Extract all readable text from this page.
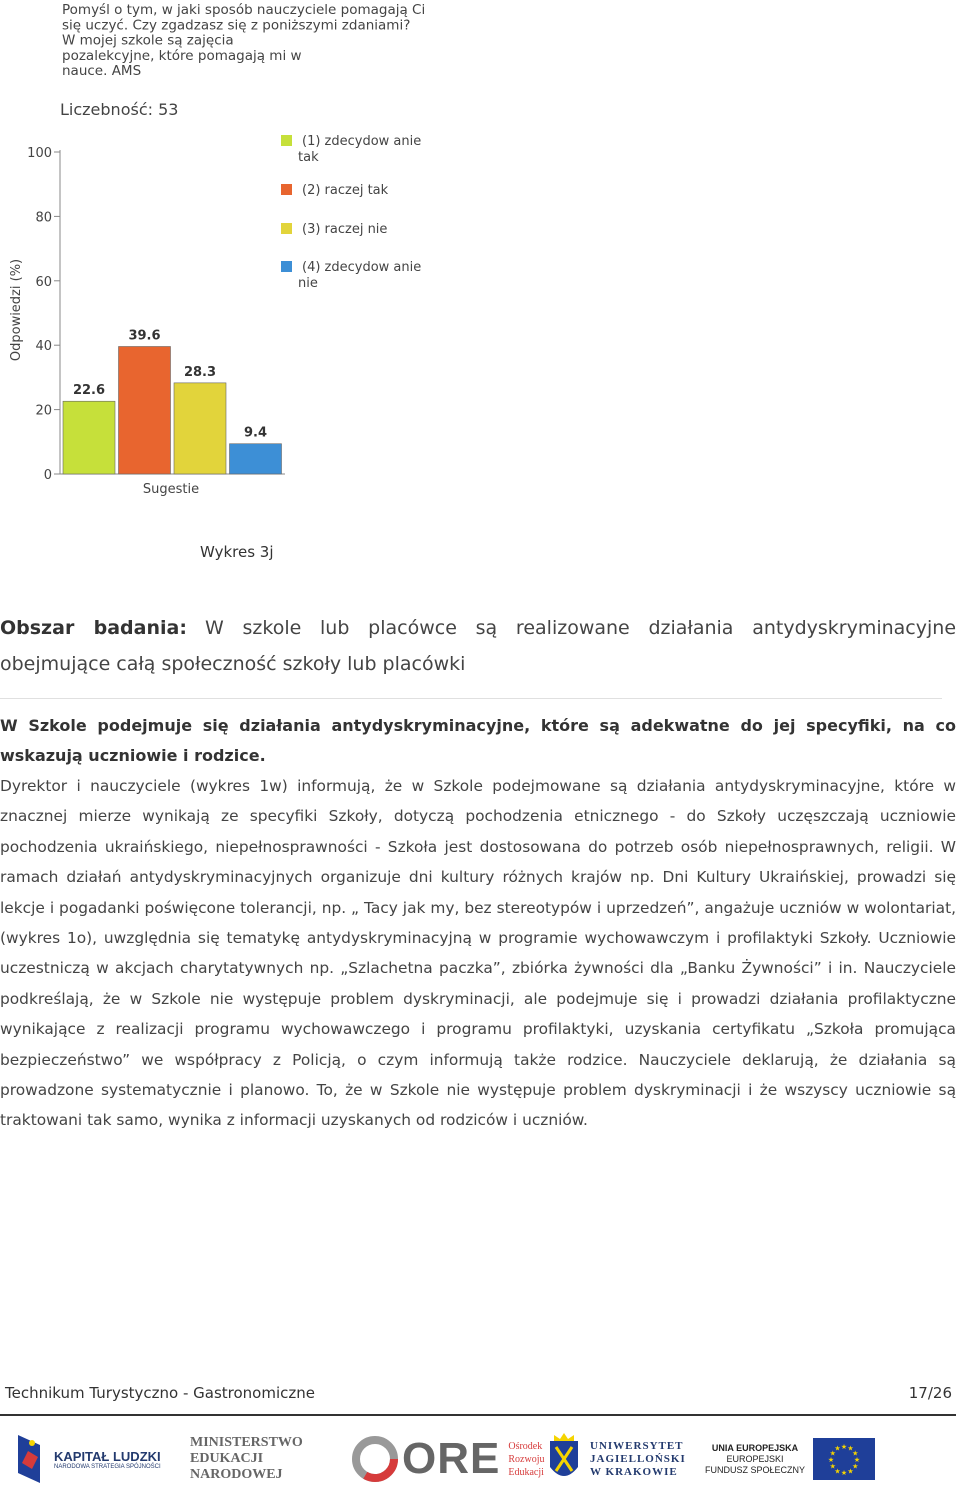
Pomyśl o tym, w jaki sposób nauczyciele pomagają Ci
się uczyć. Czy zgadzasz się z poniższymi zdaniami?
W mojej szkole są zajęcia
pozalekcyjne, które pomagają mi w
nauce. AMS
Liczebność: 53
Odpowiedzi (%)
0
20
40
60
80
100
22.6
39.6
28.3
9.4
(1) zdecydow anie
tak
(2) raczej tak
(3) raczej nie
(4) zdecydow anie
nie
Sugestie
Wykres 3j
Obszar badania: W szkole lub placówce są realizowane działania antydyskryminacyjne obejmujące całą społeczność szkoły lub placówki
W Szkole podejmuje się działania antydyskryminacyjne, które są adekwatne do jej specyfiki, na co wskazują uczniowie i rodzice.
Dyrektor i nauczyciele (wykres 1w) informują, że w Szkole podejmowane są działania antydyskryminacyjne, które w znacznej mierze wynikają ze specyfiki Szkoły, dotyczą pochodzenia etnicznego - do Szkoły uczęszczają uczniowie pochodzenia ukraińskiego, niepełnosprawności - Szkoła jest dostosowana do potrzeb osób niepełnosprawnych, religii. W ramach działań antydyskryminacyjnych organizuje dni kultury różnych krajów np. Dni Kultury Ukraińskiej, prowadzi się lekcje i pogadanki poświęcone tolerancji, np. „ Tacy jak my, bez stereotypów i uprzedzeń”, angażuje uczniów w wolontariat, (wykres 1o), uwzględnia się tematykę antydyskryminacyjną w programie wychowawczym i profilaktyki Szkoły. Uczniowie uczestniczą w akcjach charytatywnych np. „Szlachetna paczka”, zbiórka żywności dla „Banku Żywności” i in. Nauczyciele podkreślają, że w Szkole nie występuje problem dyskryminacji, ale podejmuje się i prowadzi działania profilaktyczne wynikające z realizacji programu wychowawczego i programu profilaktyki, uzyskania certyfikatu „Szkoła promująca bezpieczeństwo” we współpracy z Policją, o czym informują także rodzice. Nauczyciele deklarują, że działania są prowadzone systematycznie i planowo. To, że w Szkole nie występuje problem dyskryminacji i że wszyscy uczniowie są traktowani tak samo, wynika z informacji uzyskanych od rodziców i uczniów.
Technikum Turystyczno - Gastronomiczne	17/26
KAPITAŁ LUDZKI
NARODOWA STRATEGIA SPÓJNOŚCI
MINISTERSTWO
EDUKACJI
NARODOWEJ	ORE Ośrodek
Rozwoju
Edukacji
UNIWERSYTET
JAGIELLOŃSKI
W KRAKOWIE
UNIA EUROPEJSKA
EUROPEJSKI
FUNDUSZ SPOŁECZNY
★
★
★
★
★
★
★
★
★ ★ ★
★
